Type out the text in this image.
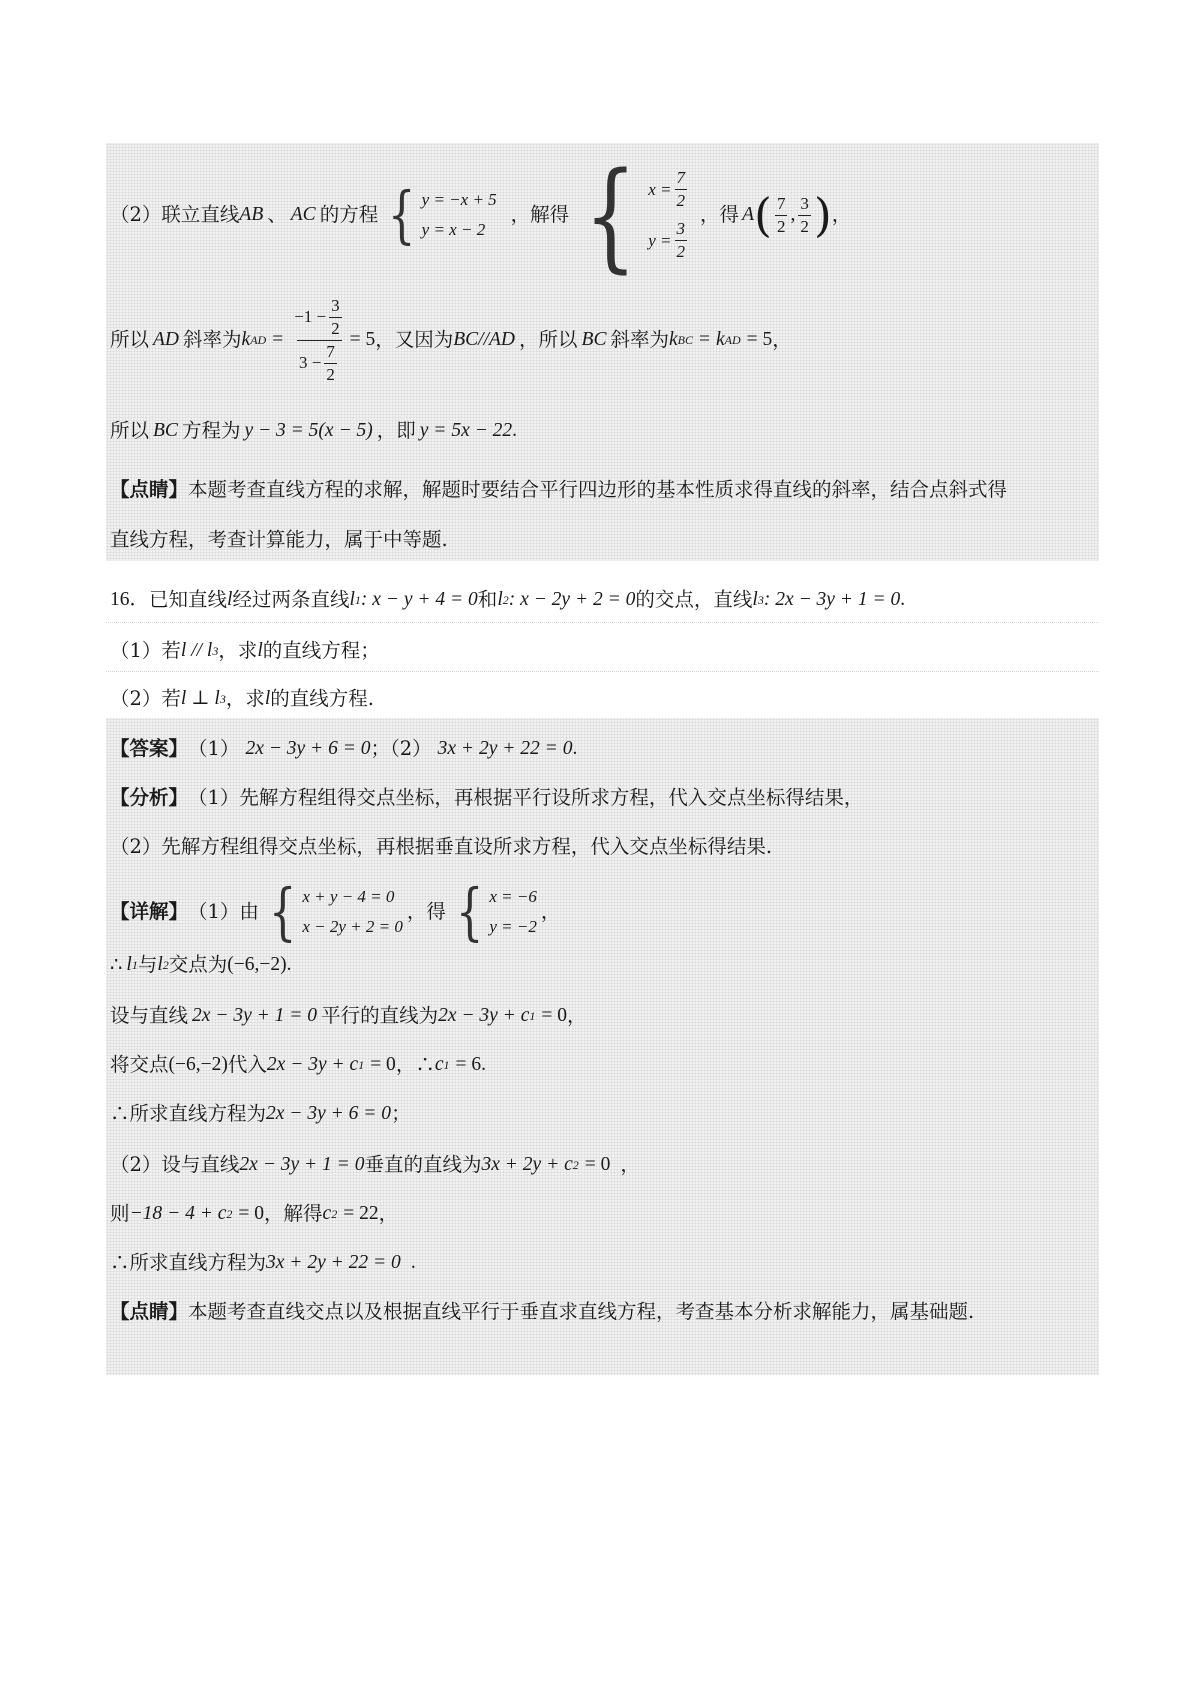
（2）联立直线 AB 、 AC 的方程 { y = −x + 5
y = x − 2
，解得 { $x = \frac{7}{2}$
$y = \frac{3}{2}$
，得 A ( $\frac{7}{2}$ , $\frac{3}{2}$ ) ，
所以 AD 斜率为 k AD = $\frac{-1 - \frac{3}{2}}{3 - \frac{7}{2}} = 5$ ，又因为 BC//AD ，所以 BC 斜率为 k BC = k AD = 5 ，
所以 BC 方程为 y − 3 = 5(x − 5) ，即 y = 5x − 22 .
【点睛】 本题考查直线方程的求解，解题时要结合平行四边形的基本性质求得直线的斜率，结合点斜式得
直线方程，考查计算能力，属于中等题.
16． 已知直线 l 经过两条直线 l 1 : x − y + 4 = 0 和 l 2 : x − 2y + 2 = 0 的交点，直线 l 3 : 2x − 3y + 1 = 0 .
（1）若 l // l 3 ，求 l 的直线方程；
（2）若 l ⊥ l 3 ，求 l 的直线方程.
【答案】 （1） 2x − 3y + 6 = 0 ；（2） 3x + 2y + 22 = 0 .
【分析】 （1）先解方程组得交点坐标，再根据平行设所求方程，代入交点坐标得结果，
（2）先解方程组得交点坐标，再根据垂直设所求方程，代入交点坐标得结果.
【详解】 （1）由 { x + y − 4 = 0
x − 2y + 2 = 0
，得 { x = −6
y = −2
，
∴ l 1 与 l 2 交点为 (−6,−2) .
设与直线 2x − 3y + 1 = 0 平行的直线为 2x − 3y + c 1 = 0 ，
将交点 (−6,−2) 代入 2x − 3y + c 1 = 0 ，∴ c 1 = 6.
∴所求直线方程为 2x − 3y + 6 = 0 ；
（2）设与直线 2x − 3y + 1 = 0 垂直的直线为 3x + 2y + c 2 = 0 ，
则 −18 − 4 + c 2 = 0 ，解得 c 2 = 22 ，
∴所求直线方程为 3x + 2y + 22 = 0 .
【点睛】 本题考查直线交点以及根据直线平行于垂直求直线方程，考查基本分析求解能力，属基础题.
